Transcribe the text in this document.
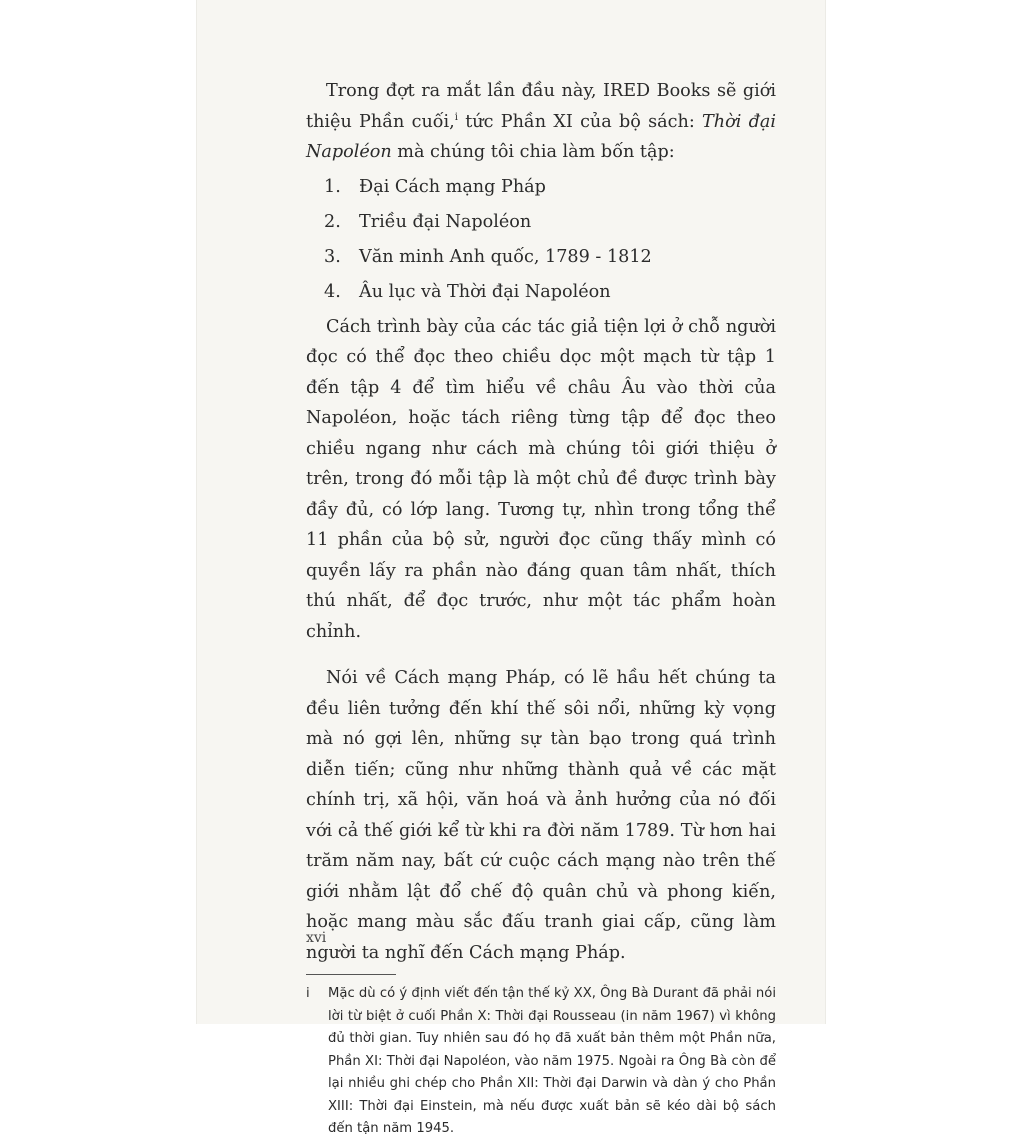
Trong đợt ra mắt lần đầu này, IRED Books sẽ giới thiệu Phần cuối,$^i$ tức Phần XI của bộ sách: Thời đại Napoléon mà chúng tôi chia làm bốn tập:

1.	Đại Cách mạng Pháp
2.	Triều đại Napoléon
3.	Văn minh Anh quốc, 1789 - 1812
4.	Âu lục và Thời đại Napoléon

Cách trình bày của các tác giả tiện lợi ở chỗ người đọc có thể đọc theo chiều dọc một mạch từ tập 1 đến tập 4 để tìm hiểu về châu Âu vào thời của Napoléon, hoặc tách riêng từng tập để đọc theo chiều ngang như cách mà chúng tôi giới thiệu ở trên, trong đó mỗi tập là một chủ đề được trình bày đầy đủ, có lớp lang. Tương tự, nhìn trong tổng thể 11 phần của bộ sử, người đọc cũng thấy mình có quyền lấy ra phần nào đáng quan tâm nhất, thích thú nhất, để đọc trước, như một tác phẩm hoàn chỉnh.

Nói về Cách mạng Pháp, có lẽ hầu hết chúng ta đều liên tưởng đến khí thế sôi nổi, những kỳ vọng mà nó gợi lên, những sự tàn bạo trong quá trình diễn tiến; cũng như những thành quả về các mặt chính trị, xã hội, văn hoá và ảnh hưởng của nó đối với cả thế giới kể từ khi ra đời năm 1789. Từ hơn hai trăm năm nay, bất cứ cuộc cách mạng nào trên thế giới nhằm lật đổ chế độ quân chủ và phong kiến, hoặc mang màu sắc đấu tranh giai cấp, cũng làm người ta nghĩ đến Cách mạng Pháp.

i	Mặc dù có ý định viết đến tận thế kỷ XX, Ông Bà Durant đã phải nói lời từ biệt ở cuối Phần X: Thời đại Rousseau (in năm 1967) vì không đủ thời gian. Tuy nhiên sau đó họ đã xuất bản thêm một Phần nữa, Phần XI: Thời đại Napoléon, vào năm 1975. Ngoài ra Ông Bà còn để lại nhiều ghi chép cho Phần XII: Thời đại Darwin và dàn ý cho Phần XIII: Thời đại Einstein, mà nếu được xuất bản sẽ kéo dài bộ sách đến tận năm 1945.
xvi
